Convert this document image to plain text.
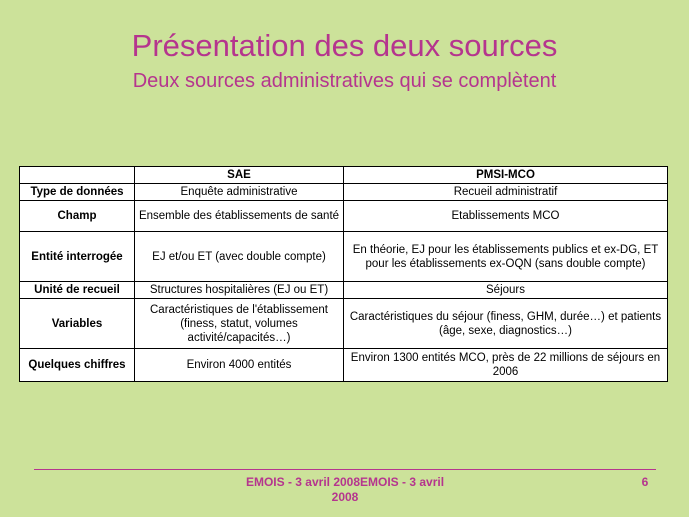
Présentation des deux sources
Deux sources administratives qui se complètent
	SAE	PMSI-MCO
Type de données	Enquête administrative	Recueil administratif
Champ	Ensemble des établissements de santé	Etablissements MCO
Entité interrogée	EJ et/ou ET (avec double compte)	En théorie, EJ pour les établissements publics et ex-DG, ET pour les établissements ex-OQN (sans double compte)
Unité de recueil	Structures hospitalières (EJ ou ET)	Séjours
Variables	Caractéristiques de l'établissement (finess, statut, volumes activité/capacités…)	Caractéristiques du séjour (finess, GHM, durée…) et patients (âge, sexe, diagnostics…)
Quelques chiffres	Environ 4000 entités	Environ 1300 entités MCO, près de 22 millions de séjours en 2006
EMOIS - 3 avril 2008EMOIS - 3 avril 2008
6
